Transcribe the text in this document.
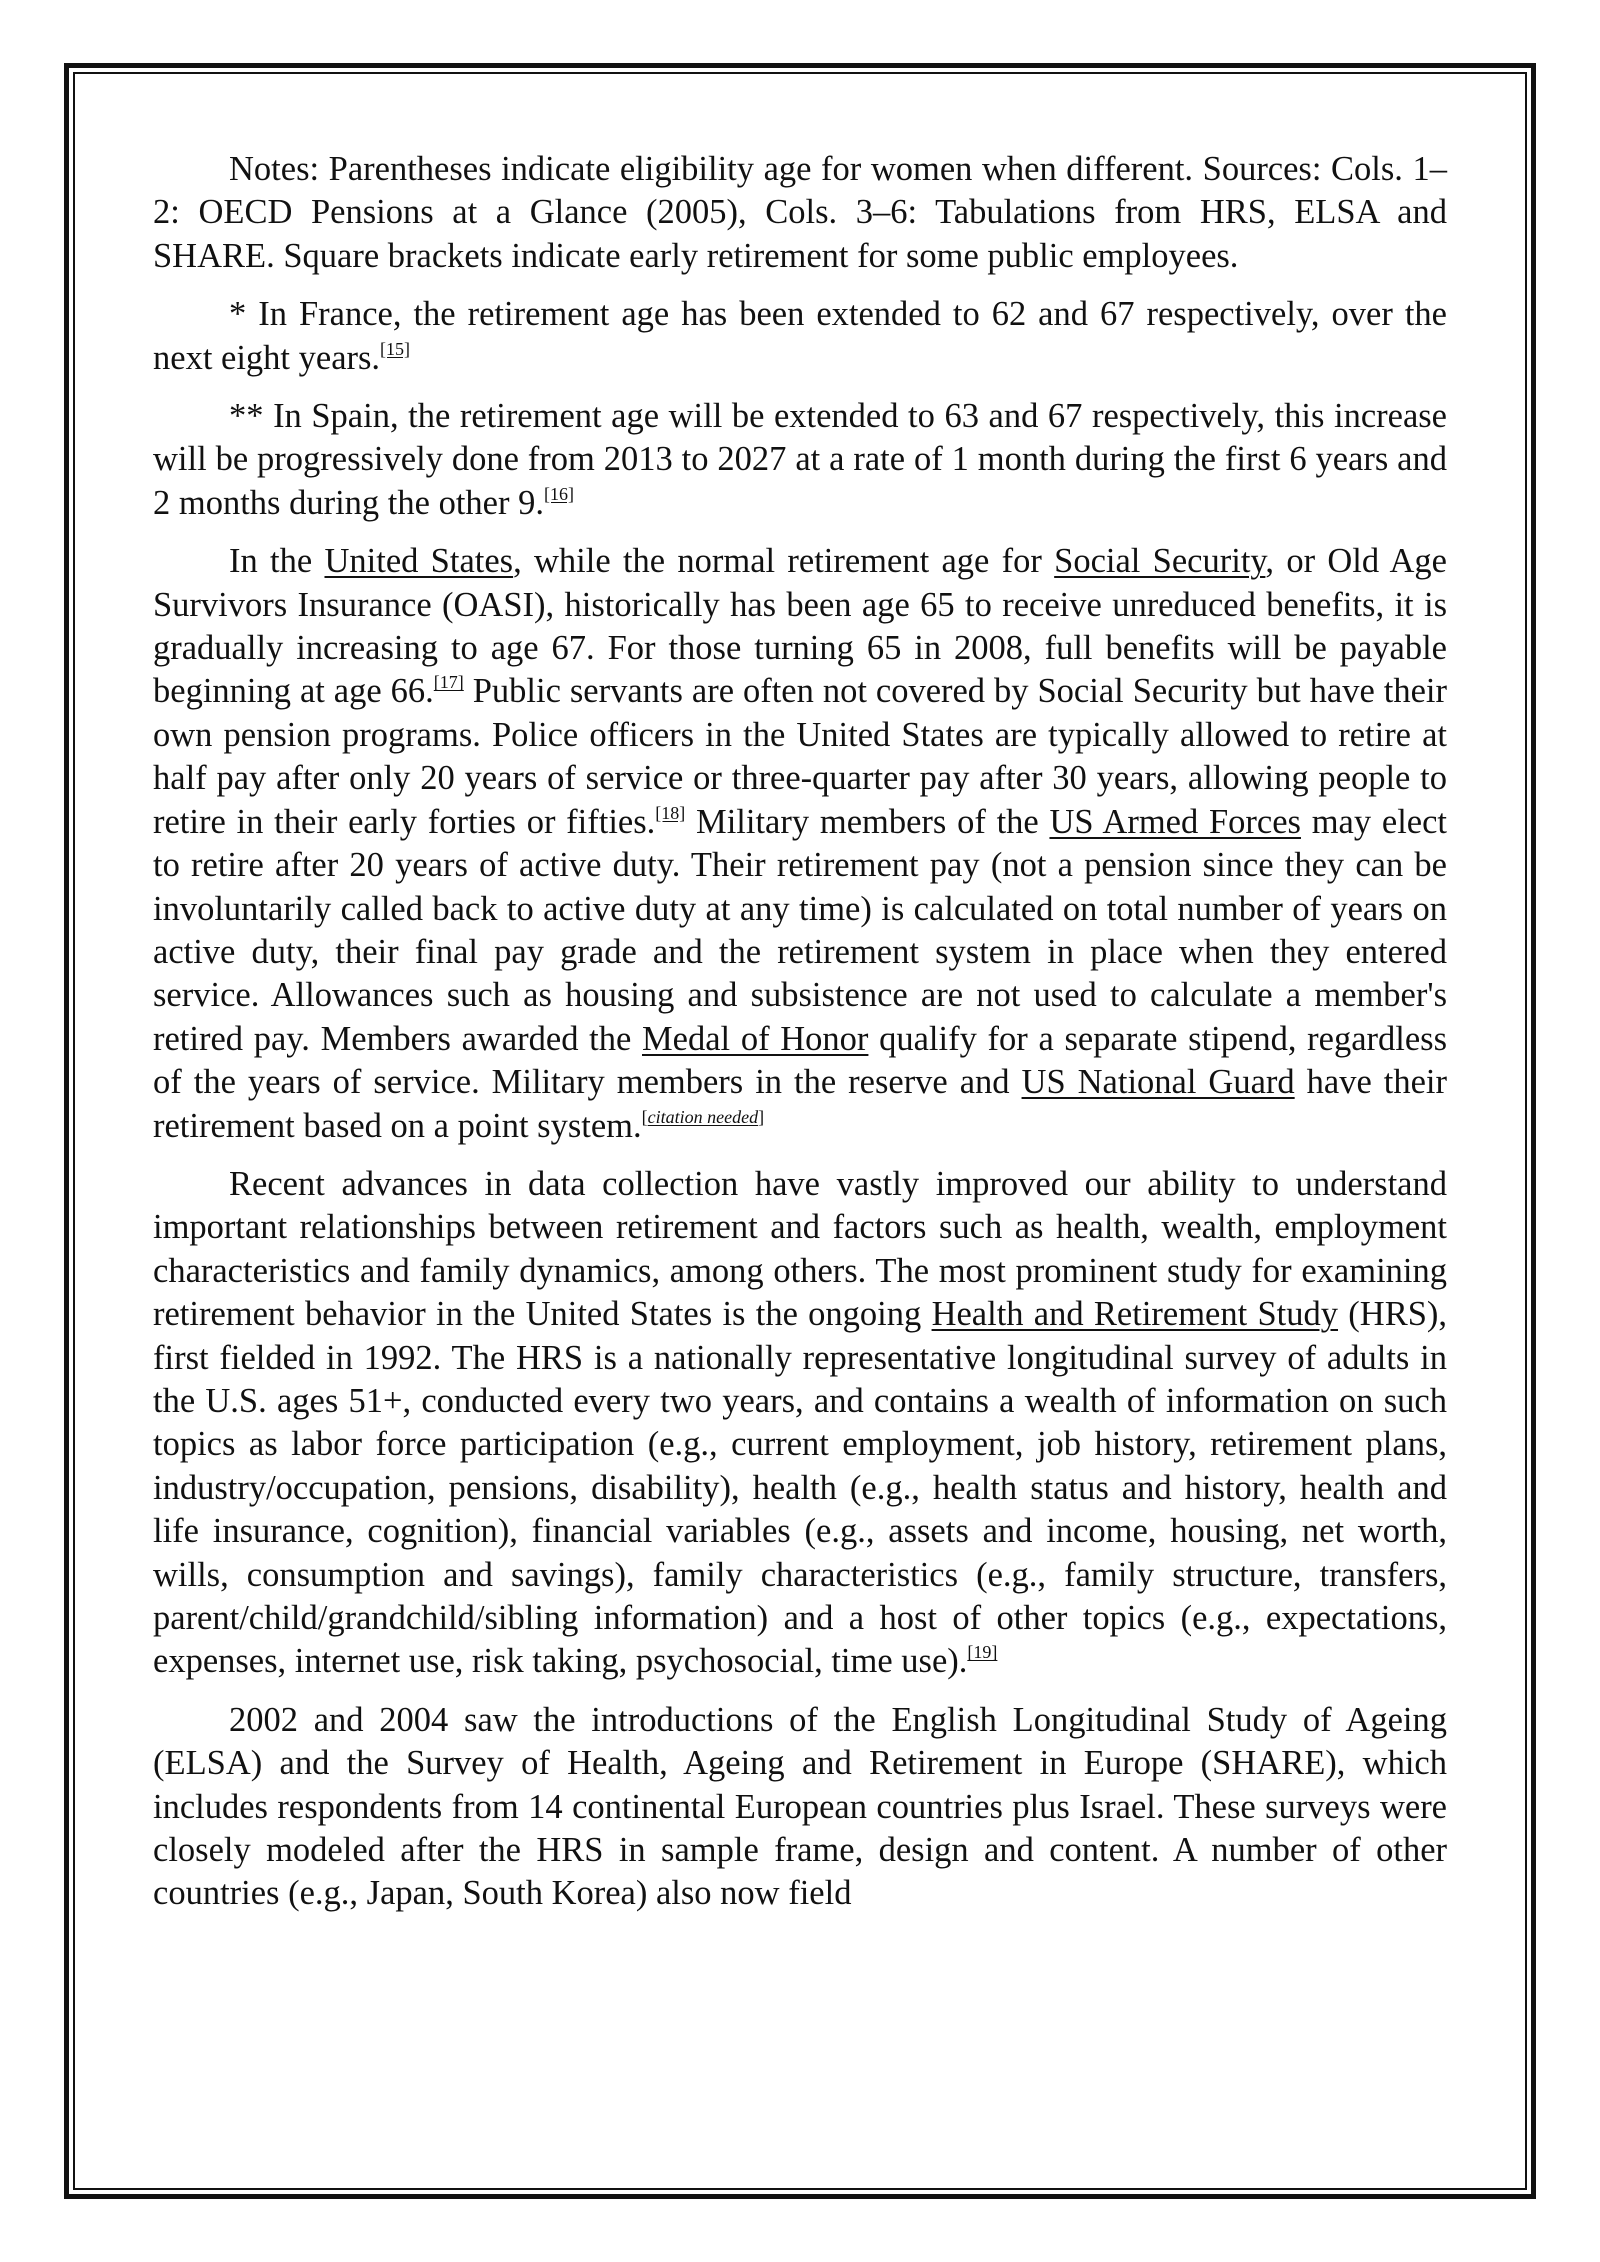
Notes: Parentheses indicate eligibility age for women when different. Sources: Cols. 1–2: OECD Pensions at a Glance (2005), Cols. 3–6: Tabulations from HRS, ELSA and SHARE. Square brackets indicate early retirement for some public employees.

* In France, the retirement age has been extended to 62 and 67 respectively, over the next eight years.[15]

** In Spain, the retirement age will be extended to 63 and 67 respectively, this increase will be progressively done from 2013 to 2027 at a rate of 1 month during the first 6 years and 2 months during the other 9.[16]

In the United States, while the normal retirement age for Social Security, or Old Age Survivors Insurance (OASI), historically has been age 65 to receive unreduced benefits, it is gradually increasing to age 67. For those turning 65 in 2008, full benefits will be payable beginning at age 66.[17] Public servants are often not covered by Social Security but have their own pension programs. Police officers in the United States are typically allowed to retire at half pay after only 20 years of service or three-quarter pay after 30 years, allowing people to retire in their early forties or fifties.[18] Military members of the US Armed Forces may elect to retire after 20 years of active duty. Their retirement pay (not a pension since they can be involuntarily called back to active duty at any time) is calculated on total number of years on active duty, their final pay grade and the retirement system in place when they entered service. Allowances such as housing and subsistence are not used to calculate a member's retired pay. Members awarded the Medal of Honor qualify for a separate stipend, regardless of the years of service. Military members in the reserve and US National Guard have their retirement based on a point system.[citation needed]

Recent advances in data collection have vastly improved our ability to understand important relationships between retirement and factors such as health, wealth, employment characteristics and family dynamics, among others. The most prominent study for examining retirement behavior in the United States is the ongoing Health and Retirement Study (HRS), first fielded in 1992. The HRS is a nationally representative longitudinal survey of adults in the U.S. ages 51+, conducted every two years, and contains a wealth of information on such topics as labor force participation (e.g., current employment, job history, retirement plans, industry/occupation, pensions, disability), health (e.g., health status and history, health and life insurance, cognition), financial variables (e.g., assets and income, housing, net worth, wills, consumption and savings), family characteristics (e.g., family structure, transfers, parent/child/grandchild/sibling information) and a host of other topics (e.g., expectations, expenses, internet use, risk taking, psychosocial, time use).[19]

2002 and 2004 saw the introductions of the English Longitudinal Study of Ageing (ELSA) and the Survey of Health, Ageing and Retirement in Europe (SHARE), which includes respondents from 14 continental European countries plus Israel. These surveys were closely modeled after the HRS in sample frame, design and content. A number of other countries (e.g., Japan, South Korea) also now field
